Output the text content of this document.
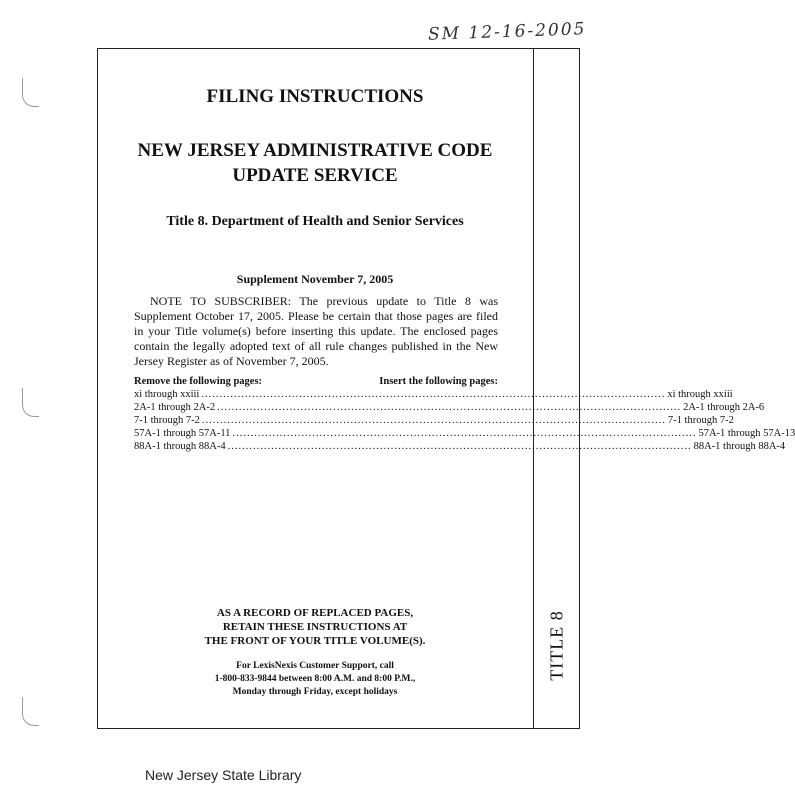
SM 12-16-2005
TITLE 8
FILING INSTRUCTIONS
NEW JERSEY ADMINISTRATIVE CODE
UPDATE SERVICE
Title 8. Department of Health and Senior Services
Supplement November 7, 2005

NOTE TO SUBSCRIBER: The previous update to Title 8 was Supplement October 17, 2005. Please be certain that those pages are filed in your Title volume(s) before inserting this update. The enclosed pages contain the legally adopted text of all rule changes published in the New Jersey Register as of November 7, 2005.

Remove the following pages:	Insert the following pages:
xi through xxiii ................................................................................................................................ xi through xxiii
2A-1 through 2A-2 ................................................................................................................................ 2A-1 through 2A-6
7-1 through 7-2 ................................................................................................................................ 7-1 through 7-2
57A-1 through 57A-11 ................................................................................................................................ 57A-1 through 57A-13
88A-1 through 88A-4 ................................................................................................................................ 88A-1 through 88A-4
AS A RECORD OF REPLACED PAGES,
RETAIN THESE INSTRUCTIONS AT
THE FRONT OF YOUR TITLE VOLUME(S).
For LexisNexis Customer Support, call
1-800-833-9844 between 8:00 A.M. and 8:00 P.M.,
Monday through Friday, except holidays
New Jersey State Library
